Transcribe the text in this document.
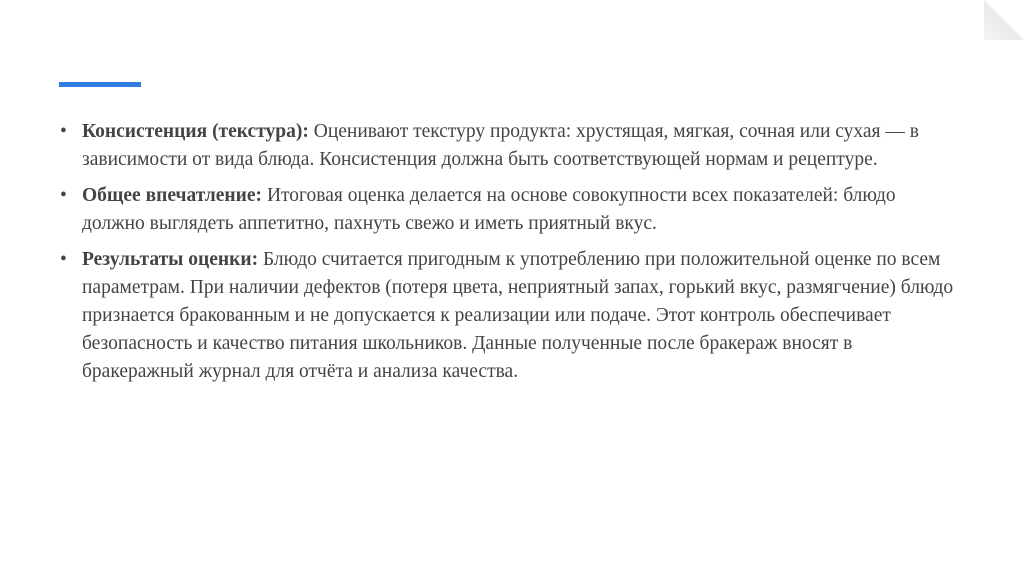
• Консистенция (текстура): Оценивают текстуру продукта: хрустящая, мягкая, сочная или сухая — в зависимости от вида блюда. Консистенция должна быть соответствующей нормам и рецептуре.
• Общее впечатление: Итоговая оценка делается на основе совокупности всех показателей: блюдо должно выглядеть аппетитно, пахнуть свежо и иметь приятный вкус.
• Результаты оценки: Блюдо считается пригодным к употреблению при положительной оценке по всем параметрам. При наличии дефектов (потеря цвета, неприятный запах, горький вкус, размягчение) блюдо признается бракованным и не допускается к реализации или подаче. Этот контроль обеспечивает безопасность и качество питания школьников. Данные полученные после бракераж вносят в бракеражный журнал для отчёта и анализа качества.
